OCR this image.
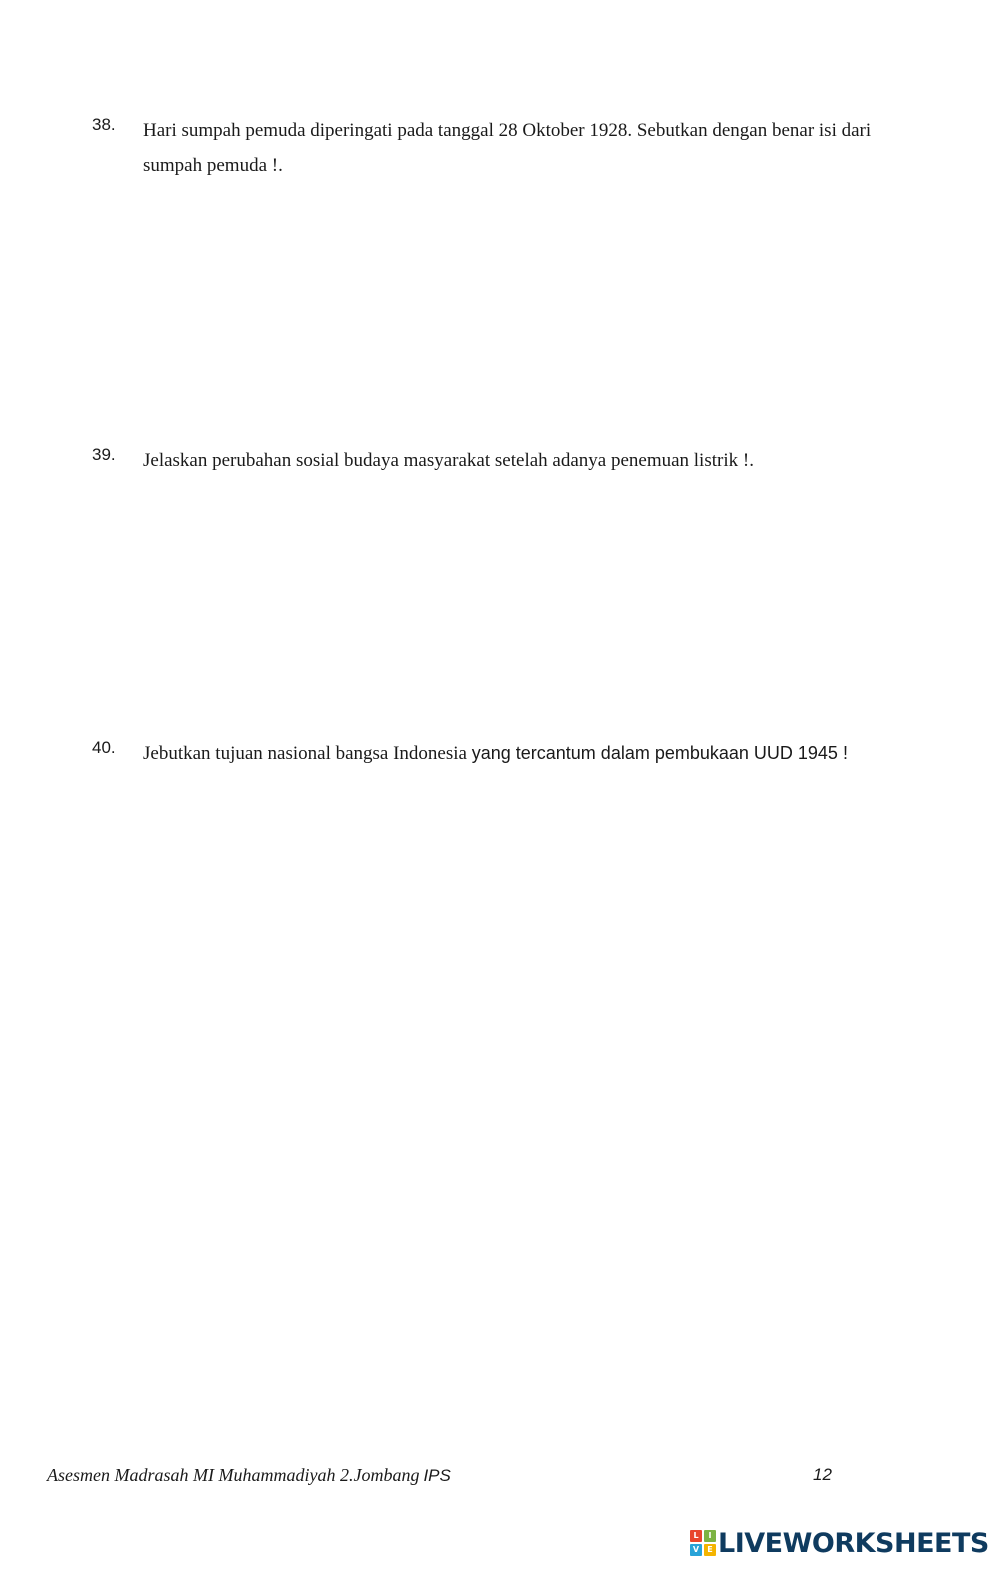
38. Hari sumpah pemuda diperingati pada tanggal 28 Oktober 1928. Sebutkan dengan benar isi dari sumpah pemuda !.
39. Jelaskan perubahan sosial budaya masyarakat setelah adanya penemuan listrik !.
40. Jebutkan tujuan nasional bangsa Indonesia yang tercantum dalam pembukaan UUD 1945 !
Asesmen Madrasah MI Muhammadiyah 2.Jombang IPS	12
L	I
V	E LIVEWORKSHEETS
